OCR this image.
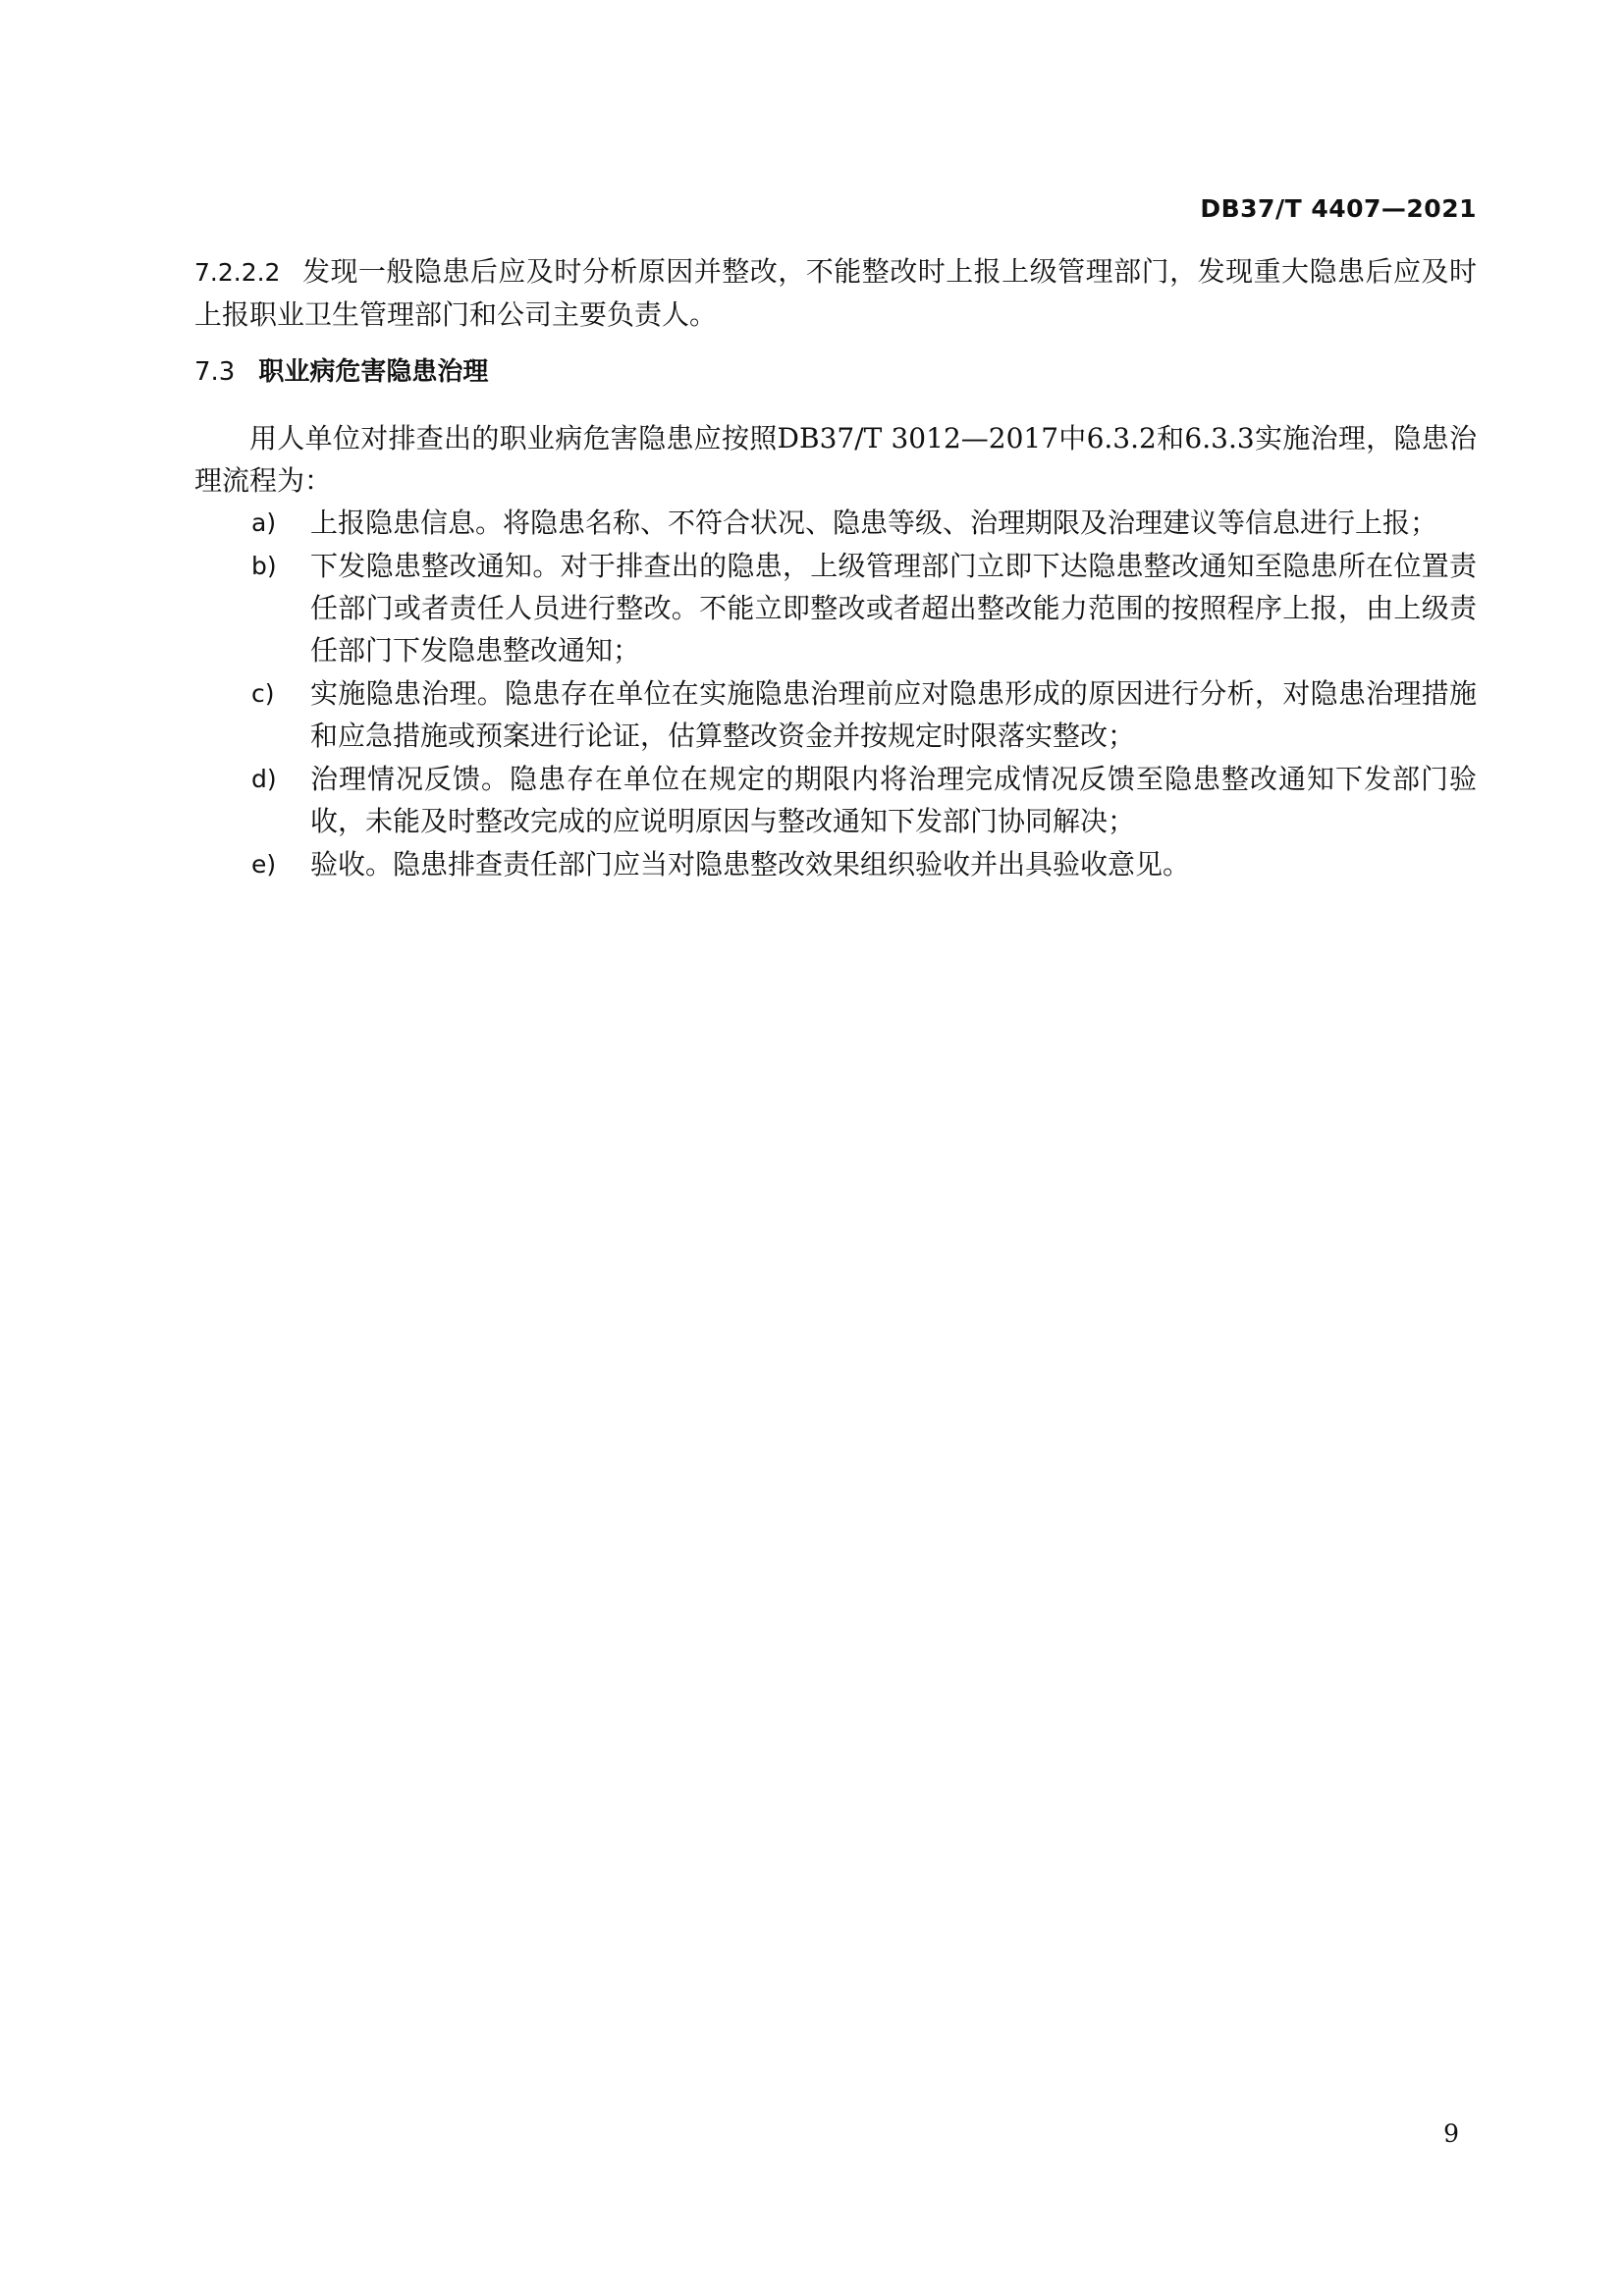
DB37/T 4407—2021
7.2.2.2 发现一般隐患后应及时分析原因并整改，不能整改时上报上级管理部门，发现重大隐患后应及时上报职业卫生管理部门和公司主要负责人。
7.3 职业病危害隐患治理
用人单位对排查出的职业病危害隐患应按照DB37/T 3012—2017中6.3.2和6.3.3实施治理，隐患治理流程为：
a) 上报隐患信息。将隐患名称、不符合状况、隐患等级、治理期限及治理建议等信息进行上报；
b) 下发隐患整改通知。对于排查出的隐患，上级管理部门立即下达隐患整改通知至隐患所在位置责任部门或者责任人员进行整改。不能立即整改或者超出整改能力范围的按照程序上报，由上级责任部门下发隐患整改通知；
c) 实施隐患治理。隐患存在单位在实施隐患治理前应对隐患形成的原因进行分析，对隐患治理措施和应急措施或预案进行论证，估算整改资金并按规定时限落实整改；
d) 治理情况反馈。隐患存在单位在规定的期限内将治理完成情况反馈至隐患整改通知下发部门验收，未能及时整改完成的应说明原因与整改通知下发部门协同解决；
e) 验收。隐患排查责任部门应当对隐患整改效果组织验收并出具验收意见。
9
